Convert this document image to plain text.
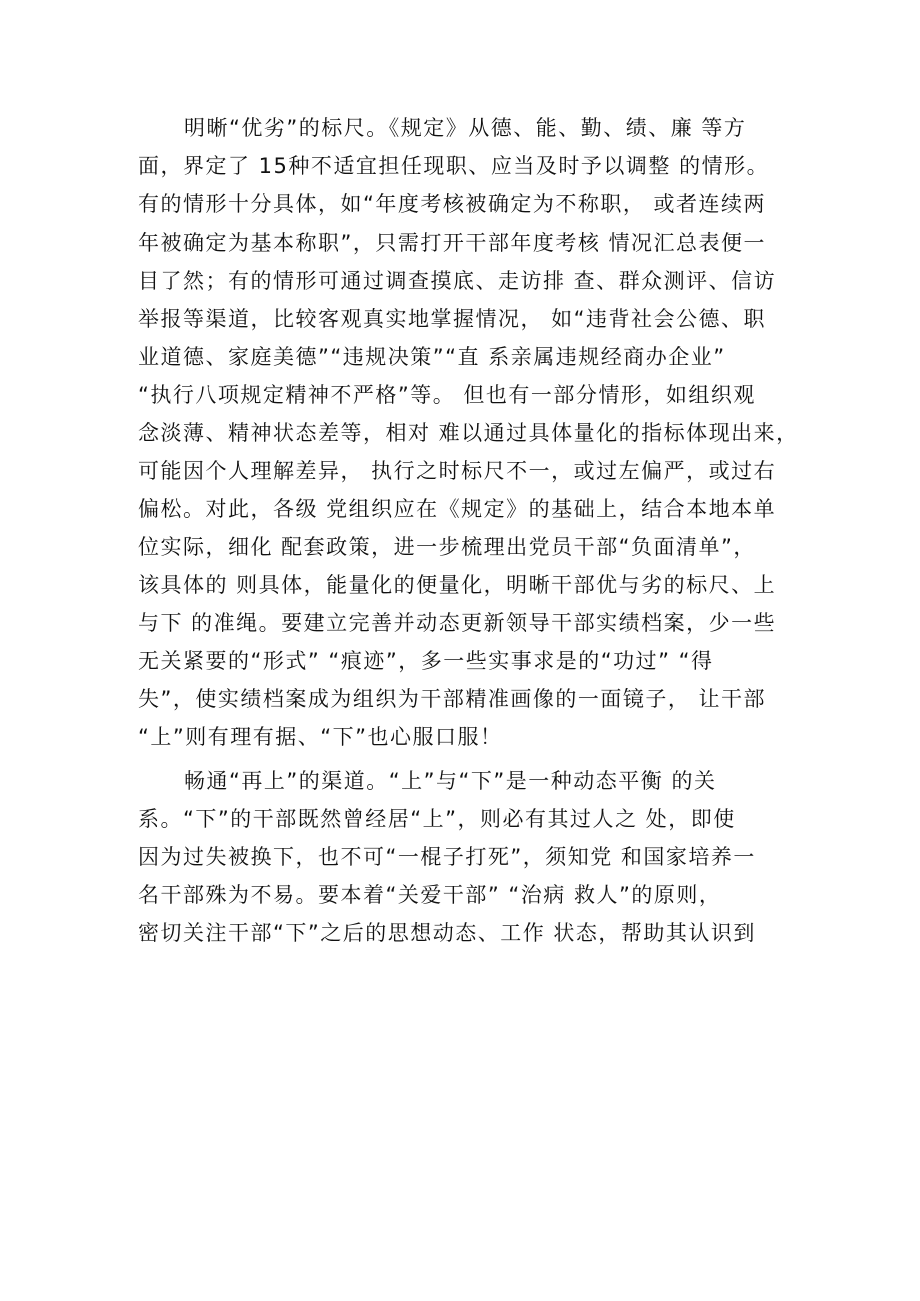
明晰“优劣”的标尺。《规定》从德、能、勤、绩、廉 等方
面，界定了 15种不适宜担任现职、应当及时予以调整 的情形。
有的情形十分具体，如“年度考核被确定为不称职， 或者连续两
年被确定为基本称职”，只需打开干部年度考核 情况汇总表便一
目了然；有的情形可通过调查摸底、走访排 查、群众测评、信访
举报等渠道，比较客观真实地掌握情况， 如“违背社会公德、职
业道德、家庭美德”“违规决策”“直 系亲属违规经商办企业”
“执行八项规定精神不严格”等。 但也有一部分情形，如组织观
念淡薄、精神状态差等，相对 难以通过具体量化的指标体现出来，
可能因个人理解差异， 执行之时标尺不一，或过左偏严，或过右
偏松。对此，各级 党组织应在《规定》的基础上，结合本地本单
位实际，细化 配套政策，进一步梳理出党员干部“负面清单”，
该具体的 则具体，能量化的便量化，明晰干部优与劣的标尺、上
与下 的准绳。要建立完善并动态更新领导干部实绩档案，少一些
无关紧要的“形式” “痕迹”，多一些实事求是的“功过” “得
失”，使实绩档案成为组织为干部精准画像的一面镜子， 让干部
“上”则有理有据、“下”也心服口服！
畅通“再上”的渠道。“上”与“下”是一种动态平衡 的关
系。“下”的干部既然曾经居“上”，则必有其过人之 处，即使
因为过失被换下，也不可“一棍子打死”，须知党 和国家培养一
名干部殊为不易。要本着“关爱干部” “治病 救人”的原则，
密切关注干部“下”之后的思想动态、工作 状态，帮助其认识到
